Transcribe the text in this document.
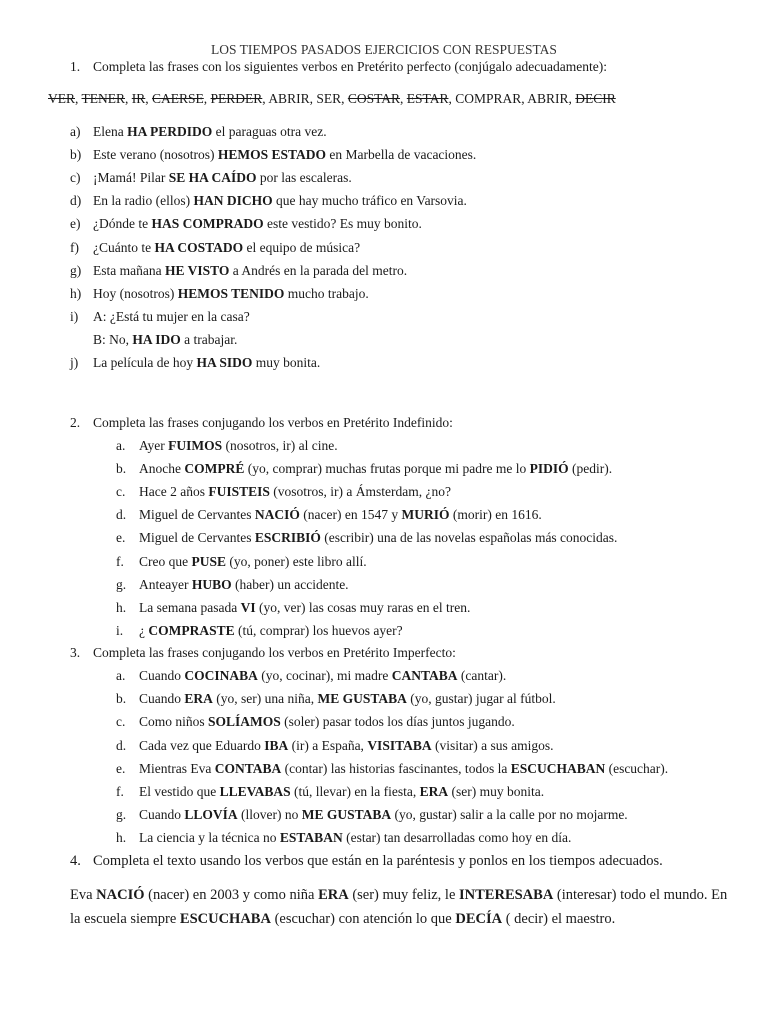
LOS TIEMPOS PASADOS EJERCICIOS CON RESPUESTAS
1. Completa las frases con los siguientes verbos en Pretérito perfecto (conjúgalo adecuadamente):
VER, TENER, IR, CAERSE, PERDER, ABRIR, SER, COSTAR, ESTAR, COMPRAR, ABRIR, DECIR
a) Elena HA PERDIDO el paraguas otra vez.
b) Este verano (nosotros) HEMOS ESTADO en Marbella de vacaciones.
c) ¡Mamá! Pilar SE HA CAÍDO por las escaleras.
d) En la radio (ellos) HAN DICHO que hay mucho tráfico en Varsovia.
e) ¿Dónde te HAS COMPRADO este vestido? Es muy bonito.
f) ¿Cuánto te HA COSTADO el equipo de música?
g) Esta mañana HE VISTO a Andrés en la parada del metro.
h) Hoy (nosotros) HEMOS TENIDO mucho trabajo.
i) A: ¿Está tu mujer en la casa?
B: No, HA IDO a trabajar.
j) La película de hoy HA SIDO muy bonita.
2. Completa las frases conjugando los verbos en Pretérito Indefinido:
a. Ayer FUIMOS (nosotros, ir) al cine.
b. Anoche COMPRÉ (yo, comprar) muchas frutas porque mi padre me lo PIDIÓ (pedir).
c. Hace 2 años FUISTEIS (vosotros, ir) a Ámsterdam, ¿no?
d. Miguel de Cervantes NACIÓ (nacer) en 1547 y MURIÓ (morir) en 1616.
e. Miguel de Cervantes ESCRIBIÓ (escribir) una de las novelas españolas más conocidas.
f. Creo que PUSE (yo, poner) este libro allí.
g. Anteayer HUBO (haber) un accidente.
h. La semana pasada VI (yo, ver) las cosas muy raras en el tren.
i. ¿ COMPRASTE (tú, comprar) los huevos ayer?
3. Completa las frases conjugando los verbos en Pretérito Imperfecto:
a. Cuando COCINABA (yo, cocinar), mi madre CANTABA (cantar).
b. Cuando ERA (yo, ser) una niña, ME GUSTABA (yo, gustar) jugar al fútbol.
c. Como niños SOLÍAMOS (soler) pasar todos los días juntos jugando.
d. Cada vez que Eduardo IBA (ir) a España, VISITABA (visitar) a sus amigos.
e. Mientras Eva CONTABA (contar) las historias fascinantes, todos la ESCUCHABAN (escuchar).
f. El vestido que LLEVABAS (tú, llevar) en la fiesta, ERA (ser) muy bonita.
g. Cuando LLOVÍA (llover) no ME GUSTABA (yo, gustar) salir a la calle por no mojarme.
h. La ciencia y la técnica no ESTABAN (estar) tan desarrolladas como hoy en día.
4. Completa el texto usando los verbos que están en la paréntesis y ponlos en los tiempos adecuados.
Eva NACIÓ (nacer) en 2003 y como niña ERA (ser) muy feliz, le INTERESABA (interesar) todo el mundo. En
la escuela siempre ESCUCHABA (escuchar) con atención lo que DECÍA ( decir) el maestro.
